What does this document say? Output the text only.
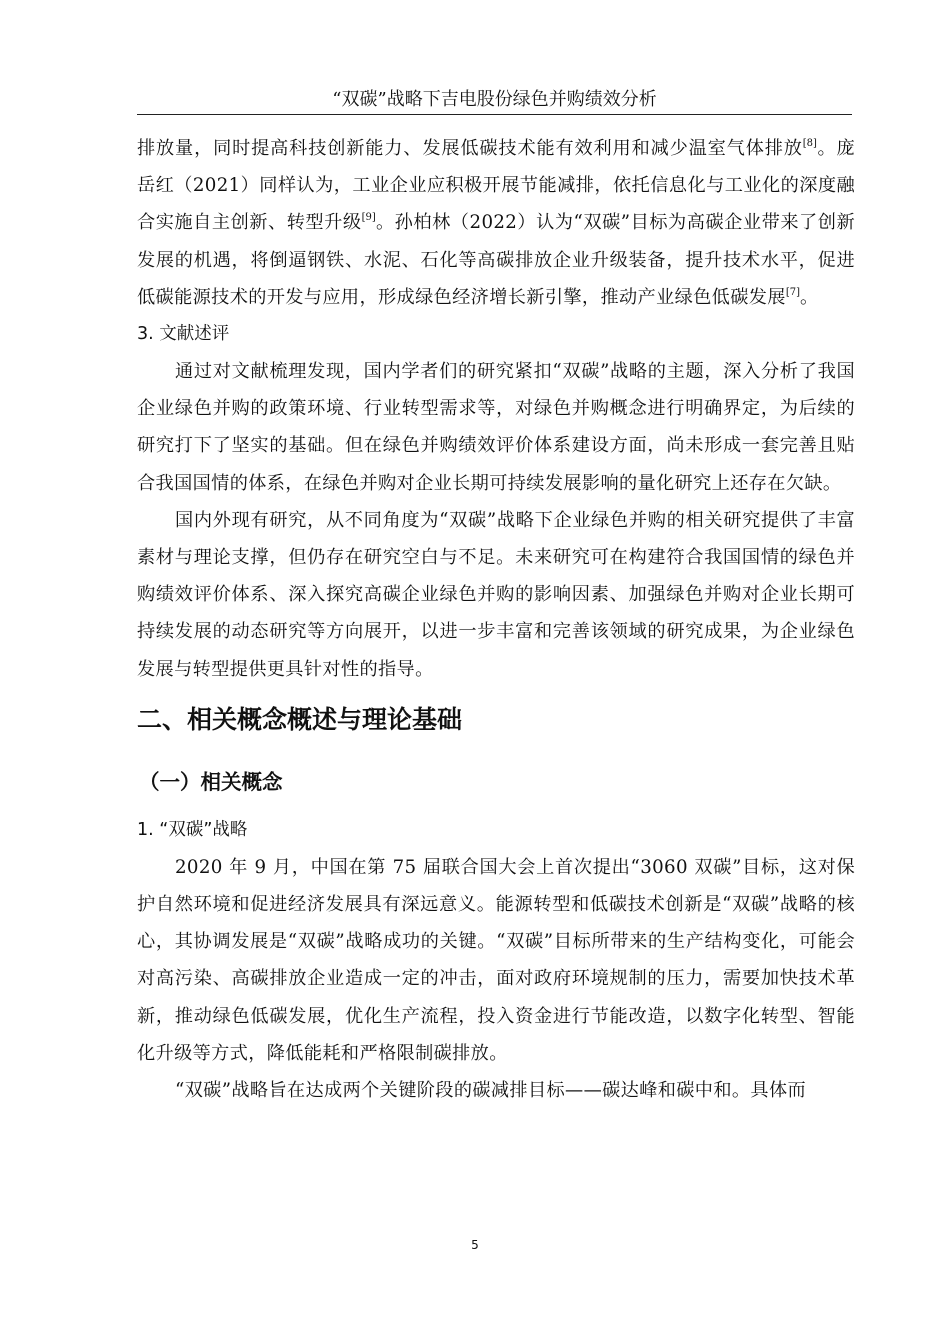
“双碳”战略下吉电股份绿色并购绩效分析

排放量，同时提高科技创新能力、发展低碳技术能有效利用和减少温室气体排放[8]。庞岳红（2021）同样认为，工业企业应积极开展节能减排，依托信息化与工业化的深度融合实施自主创新、转型升级[9]。孙柏林（2022）认为“双碳”目标为高碳企业带来了创新发展的机遇，将倒逼钢铁、水泥、石化等高碳排放企业升级装备，提升技术水平，促进低碳能源技术的开发与应用，形成绿色经济增长新引擎，推动产业绿色低碳发展[7]。

3. 文献述评

通过对文献梳理发现，国内学者们的研究紧扣“双碳”战略的主题，深入分析了我国企业绿色并购的政策环境、行业转型需求等，对绿色并购概念进行明确界定，为后续的研究打下了坚实的基础。但在绿色并购绩效评价体系建设方面，尚未形成一套完善且贴合我国国情的体系，在绿色并购对企业长期可持续发展影响的量化研究上还存在欠缺。

国内外现有研究，从不同角度为“双碳”战略下企业绿色并购的相关研究提供了丰富素材与理论支撑，但仍存在研究空白与不足。未来研究可在构建符合我国国情的绿色并购绩效评价体系、深入探究高碳企业绿色并购的影响因素、加强绿色并购对企业长期可持续发展的动态研究等方向展开，以进一步丰富和完善该领域的研究成果，为企业绿色发展与转型提供更具针对性的指导。

二、相关概念概述与理论基础
（一）相关概念

1. “双碳”战略

2020 年 9 月，中国在第 75 届联合国大会上首次提出“3060 双碳”目标，这对保护自然环境和促进经济发展具有深远意义。能源转型和低碳技术创新是“双碳”战略的核心，其协调发展是“双碳”战略成功的关键。“双碳”目标所带来的生产结构变化，可能会对高污染、高碳排放企业造成一定的冲击，面对政府环境规制的压力，需要加快技术革新，推动绿色低碳发展，优化生产流程，投入资金进行节能改造，以数字化转型、智能化升级等方式，降低能耗和严格限制碳排放。

“双碳”战略旨在达成两个关键阶段的碳减排目标——碳达峰和碳中和。具体而

5
